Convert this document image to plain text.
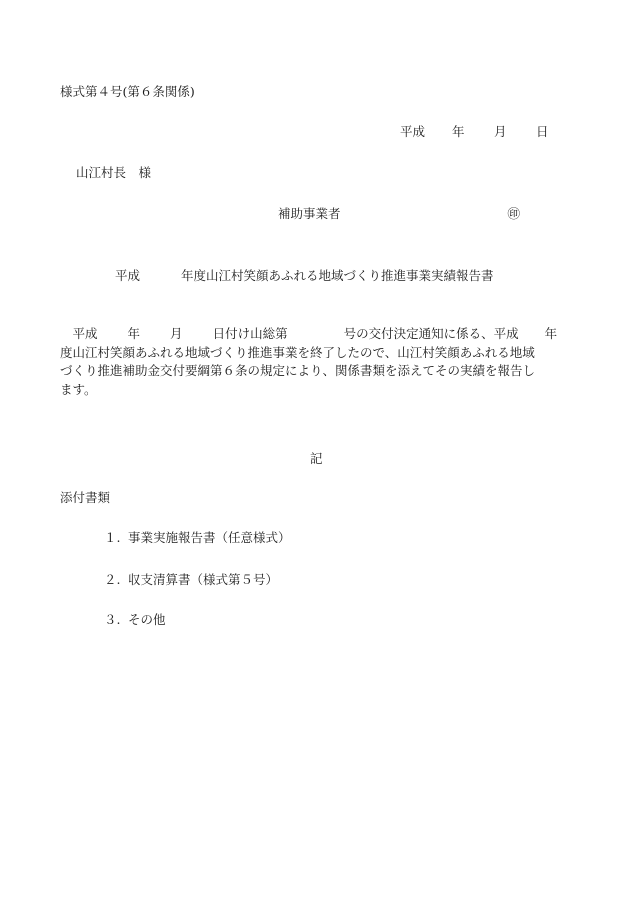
様式第４号(第６条関係)
平成 年 月 日
山江村長　様
補助事業者	㊞
平成	年度山江村笑顔あふれる地域づくり推進事業実績報告書
　平成 年 月 日付け山総第	号の交付決定通知に係る、平成 年
度山江村笑顔あふれる地域づくり推進事業を終了したので、山江村笑顔あふれる地域
づくり推進補助金交付要綱第６条の規定により、関係書類を添えてその実績を報告し
ます。
記
添付書類
１. 事業実施報告書（任意様式）
２. 収支清算書（様式第５号）
３. その他
